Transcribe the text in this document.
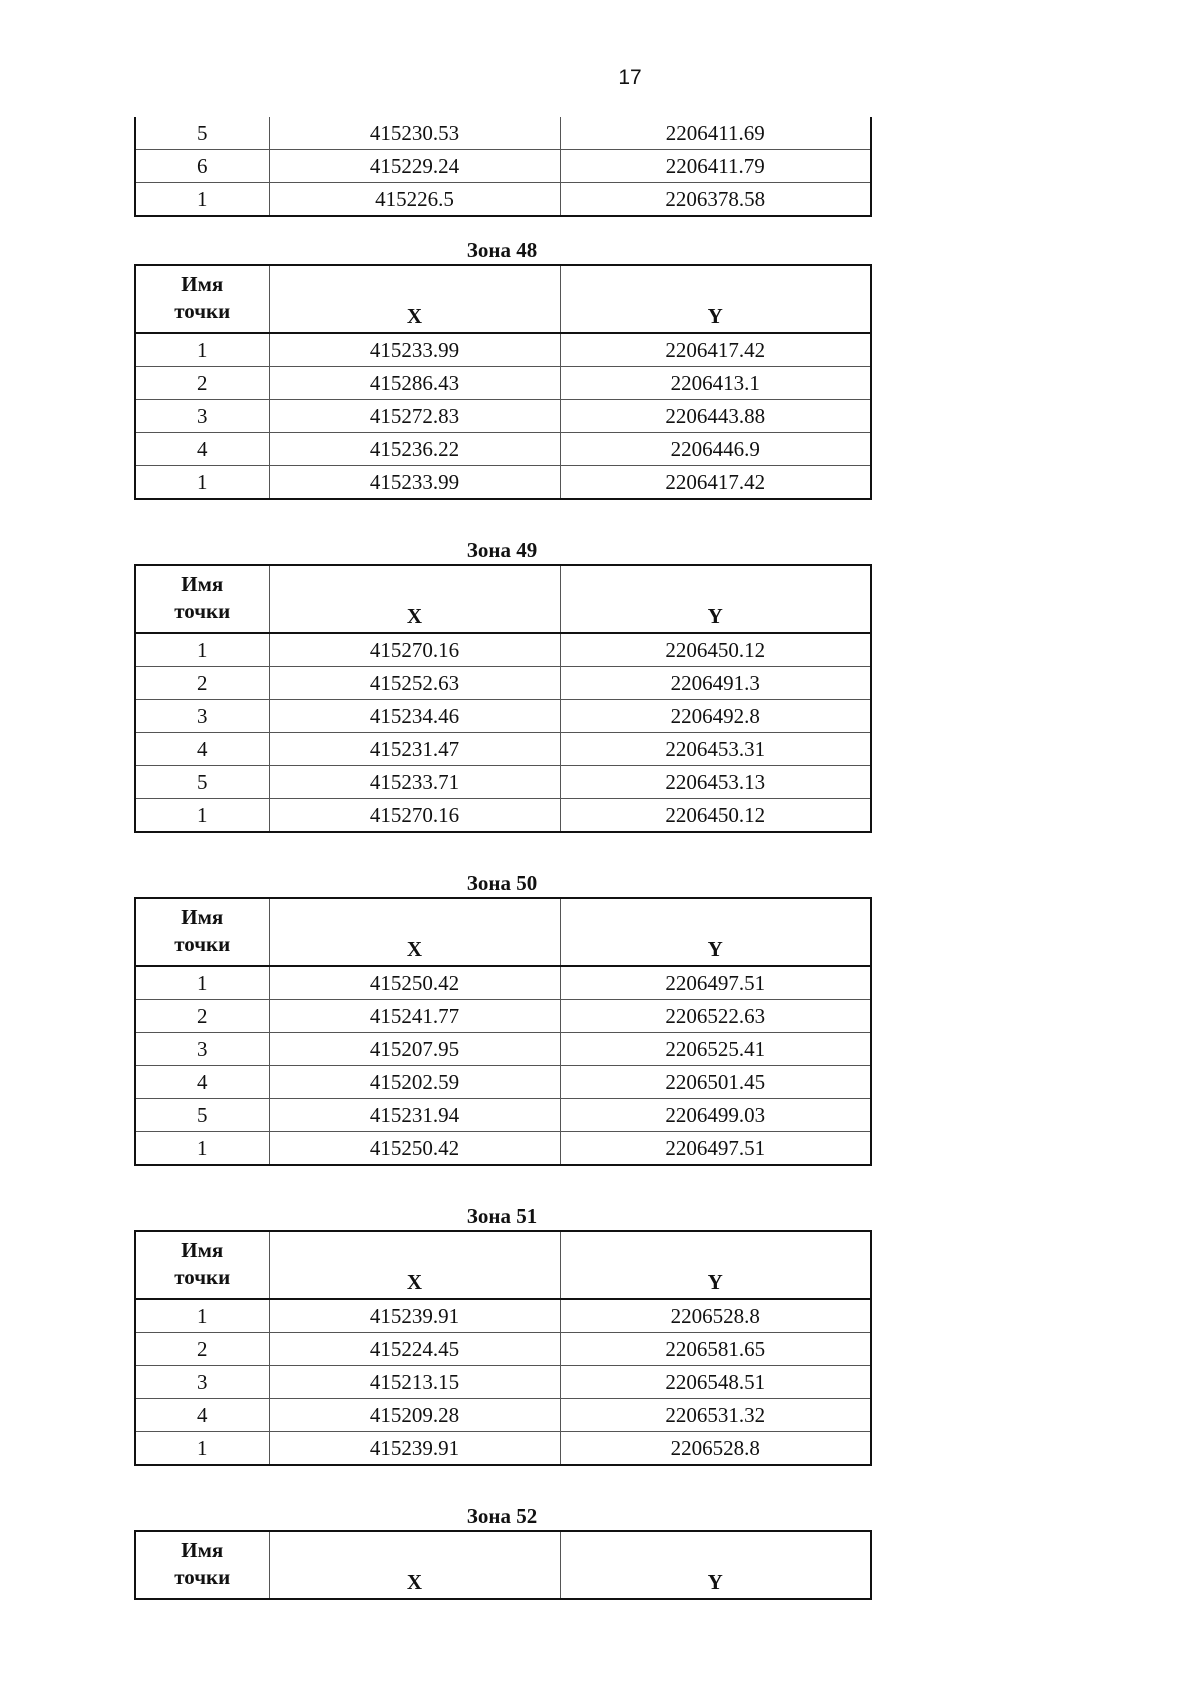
17
5	415230.53	2206411.69
6	415229.24	2206411.79
1	415226.5	2206378.58
Зона 48
Имя
точки	X	Y
1	415233.99	2206417.42
2	415286.43	2206413.1
3	415272.83	2206443.88
4	415236.22	2206446.9
1	415233.99	2206417.42
Зона 49
Имя
точки	X	Y
1	415270.16	2206450.12
2	415252.63	2206491.3
3	415234.46	2206492.8
4	415231.47	2206453.31
5	415233.71	2206453.13
1	415270.16	2206450.12
Зона 50
Имя
точки	X	Y
1	415250.42	2206497.51
2	415241.77	2206522.63
3	415207.95	2206525.41
4	415202.59	2206501.45
5	415231.94	2206499.03
1	415250.42	2206497.51
Зона 51
Имя
точки	X	Y
1	415239.91	2206528.8
2	415224.45	2206581.65
3	415213.15	2206548.51
4	415209.28	2206531.32
1	415239.91	2206528.8
Зона 52
Имя
точки	X	Y
